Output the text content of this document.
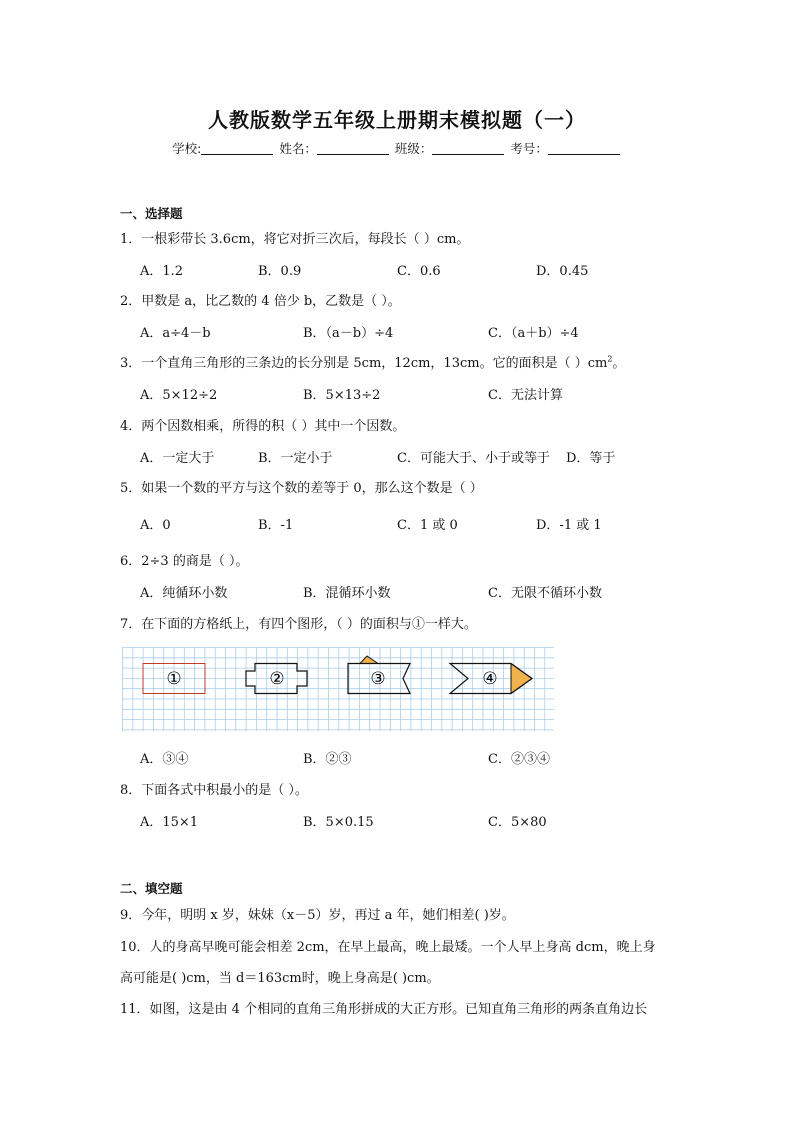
人教版数学五年级上册期末模拟题（一）
学校:	姓名：	班级：	考号：
一、选择题
1．一根彩带长 3.6cm，将它对折三次后，每段长（ ）cm。
A．1.2	B．0.9	C．0.6	D．0.45
2．甲数是 a，比乙数的 4 倍少 b，乙数是（ ）。
A．a÷4－b	B．（a－b）÷4	C．（a＋b）÷4
3．一个直角三角形的三条边的长分别是 5cm，12cm，13cm。它的面积是（ ）$cm^2$。
A．5×12÷2	B．5×13÷2	C．无法计算
4．两个因数相乘，所得的积（ ）其中一个因数。
A．一定大于	B．一定小于	C．可能大于、小于或等于 D．等于
5．如果一个数的平方与这个数的差等于 0，那么这个数是（ ）
A．0	B．-1	C．1 或 0	D．-1 或 1
6．2÷3 的商是（ ）。
A．纯循环小数	B．混循环小数	C．无限不循环小数
7．在下面的方格纸上，有四个图形，（ ）的面积与①一样大。
①	②	③	④
A．③④	B．②③	C．②③④
8．下面各式中积最小的是（ ）。
A．15×1	B．5×0.15	C．5×80
二、填空题
9．今年，明明 x 岁，妹妹（x－5）岁，再过 a 年，她们相差( )岁。
10．人的身高早晚可能会相差 2cm，在早上最高，晚上最矮。一个人早上身高 dcm，晚上身
高可能是( )cm，当 d＝163cm时，晚上身高是( )cm。
11．如图，这是由 4 个相同的直角三角形拼成的大正方形。已知直角三角形的两条直角边长
